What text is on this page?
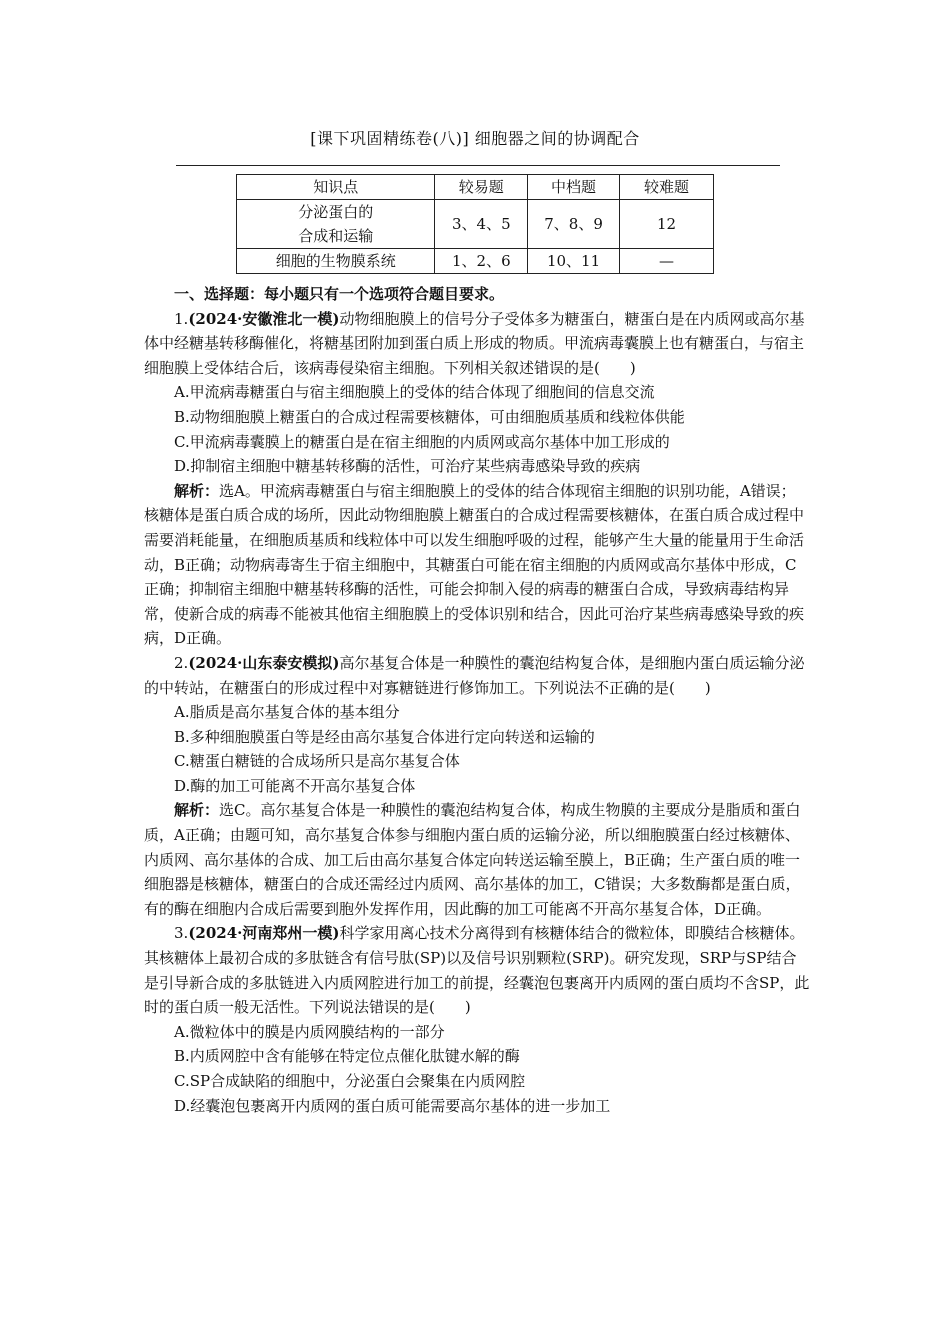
[课下巩固精练卷(八)] 细胞器之间的协调配合
知识点	较易题	中档题	较难题

分泌蛋白的
合成和运输	3、4、5	7、8、9	12
细胞的生物膜系统	1、2、6	10、11	—

一、选择题：每小题只有一个选项符合题目要求。

1.(2024·安徽淮北一模)动物细胞膜上的信号分子受体多为糖蛋白，糖蛋白是在内质网或高尔基体中经糖基转移酶催化，将糖基团附加到蛋白质上形成的物质。甲流病毒囊膜上也有糖蛋白，与宿主细胞膜上受体结合后，该病毒侵染宿主细胞。下列相关叙述错误的是(　　)

A.甲流病毒糖蛋白与宿主细胞膜上的受体的结合体现了细胞间的信息交流

B.动物细胞膜上糖蛋白的合成过程需要核糖体，可由细胞质基质和线粒体供能

C.甲流病毒囊膜上的糖蛋白是在宿主细胞的内质网或高尔基体中加工形成的

D.抑制宿主细胞中糖基转移酶的活性，可治疗某些病毒感染导致的疾病

解析：选A。甲流病毒糖蛋白与宿主细胞膜上的受体的结合体现宿主细胞的识别功能，A错误；核糖体是蛋白质合成的场所，因此动物细胞膜上糖蛋白的合成过程需要核糖体，在蛋白质合成过程中需要消耗能量，在细胞质基质和线粒体中可以发生细胞呼吸的过程，能够产生大量的能量用于生命活动，B正确；动物病毒寄生于宿主细胞中，其糖蛋白可能在宿主细胞的内质网或高尔基体中形成，C正确；抑制宿主细胞中糖基转移酶的活性，可能会抑制入侵的病毒的糖蛋白合成，导致病毒结构异常，使新合成的病毒不能被其他宿主细胞膜上的受体识别和结合，因此可治疗某些病毒感染导致的疾病，D正确。

2.(2024·山东泰安模拟)高尔基复合体是一种膜性的囊泡结构复合体，是细胞内蛋白质运输分泌的中转站，在糖蛋白的形成过程中对寡糖链进行修饰加工。下列说法不正确的是(　　)

A.脂质是高尔基复合体的基本组分

B.多种细胞膜蛋白等是经由高尔基复合体进行定向转送和运输的

C.糖蛋白糖链的合成场所只是高尔基复合体

D.酶的加工可能离不开高尔基复合体

解析：选C。高尔基复合体是一种膜性的囊泡结构复合体，构成生物膜的主要成分是脂质和蛋白质，A正确；由题可知，高尔基复合体参与细胞内蛋白质的运输分泌，所以细胞膜蛋白经过核糖体、内质网、高尔基体的合成、加工后由高尔基复合体定向转送运输至膜上，B正确；生产蛋白质的唯一细胞器是核糖体，糖蛋白的合成还需经过内质网、高尔基体的加工，C错误；大多数酶都是蛋白质，有的酶在细胞内合成后需要到胞外发挥作用，因此酶的加工可能离不开高尔基复合体，D正确。

3.(2024·河南郑州一模)科学家用离心技术分离得到有核糖体结合的微粒体，即膜结合核糖体。其核糖体上最初合成的多肽链含有信号肽(SP)以及信号识别颗粒(SRP)。研究发现，SRP与SP结合是引导新合成的多肽链进入内质网腔进行加工的前提，经囊泡包裹离开内质网的蛋白质均不含SP，此时的蛋白质一般无活性。下列说法错误的是(　　)

A.微粒体中的膜是内质网膜结构的一部分

B.内质网腔中含有能够在特定位点催化肽键水解的酶

C.SP合成缺陷的细胞中，分泌蛋白会聚集在内质网腔

D.经囊泡包裹离开内质网的蛋白质可能需要高尔基体的进一步加工
